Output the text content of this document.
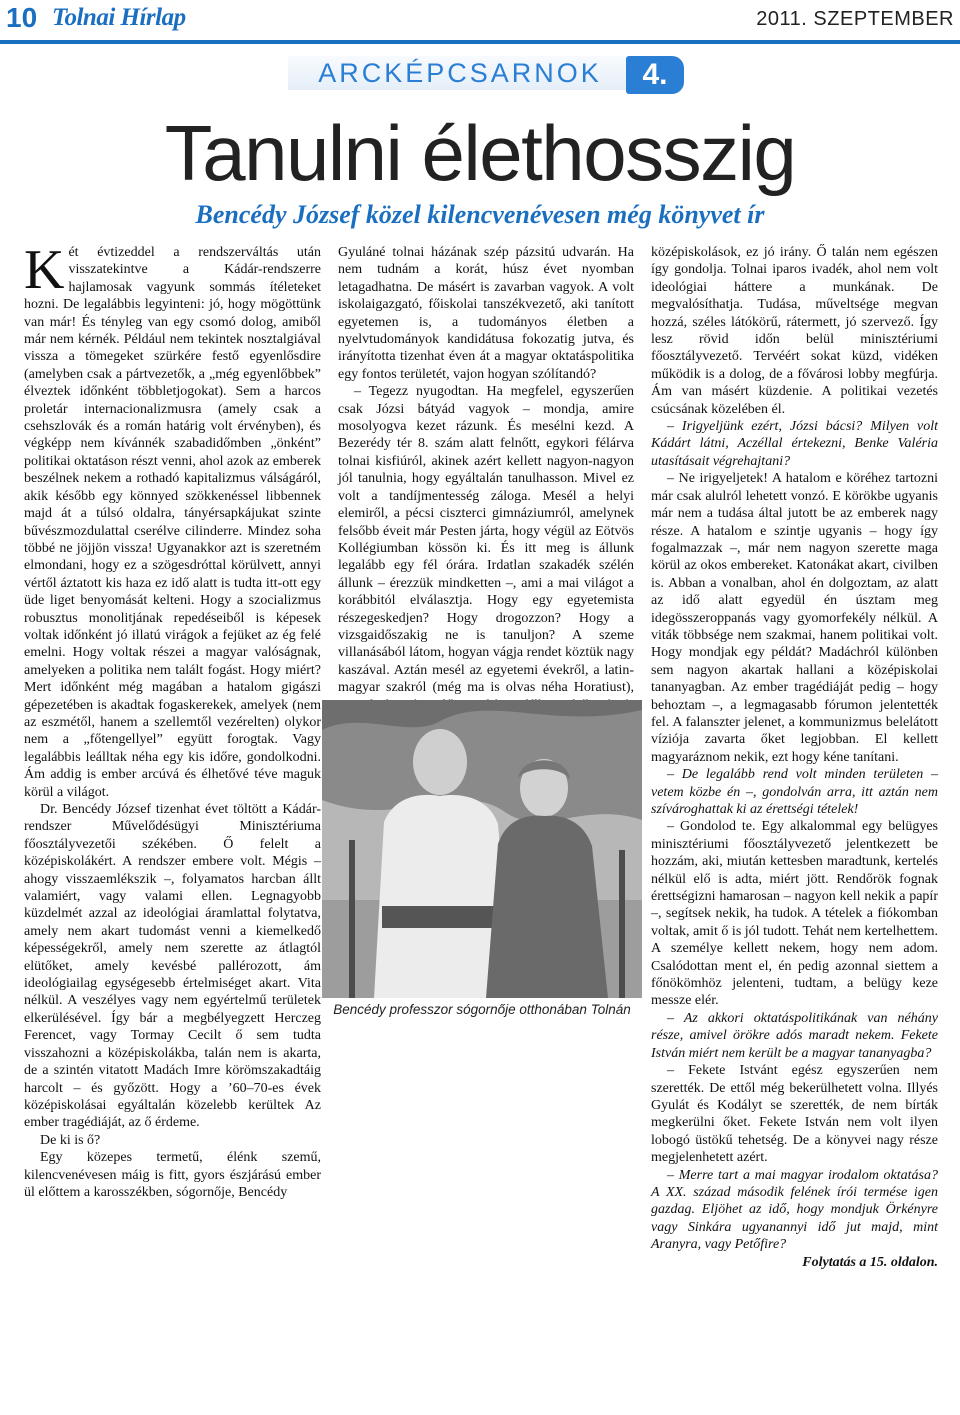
10 Tolnai Hírlap	2011. SZEPTEMBER
ARCKÉPCSARNOK	4.
Tanulni élethosszig
Bencédy József közel kilencvenévesen még könyvet ír
K ét évtizeddel a rendszerváltás után visszatekintve a Kádár-rendszerre hajlamosak vagyunk sommás ítéleteket hozni. De legalábbis legyinteni: jó, hogy mögöttünk van már! És tényleg van egy csomó dolog, amiből már nem kérnék. Például nem tekintek nosztalgiával vissza a tömegeket szürkére festő egyenlősdire (amelyben csak a pártvezetők, a „még egyenlőbbek” élveztek időnként többletjogokat). Sem a harcos proletár internacionalizmusra (amely csak a csehszlovák és a román határig volt érvényben), és végképp nem kívánnék szabadidőmben „önként” politikai oktatáson részt venni, ahol azok az emberek beszélnek nekem a rothadó kapitalizmus válságáról, akik később egy könnyed szökkenéssel libbennek majd át a túlsó oldalra, tányérsapkájukat szinte bűvészmozdulattal cserélve cilinderre. Mindez soha többé ne jöjjön vissza! Ugyanakkor azt is szeretném elmondani, hogy ez a szögesdróttal körülvett, annyi vértől áztatott kis haza ez idő alatt is tudta itt-ott egy üde liget benyomását kelteni. Hogy a szocializmus robusztus monolitjának repedéseiből is képesek voltak időnként jó illatú virágok a fejüket az ég felé emelni. Hogy voltak részei a magyar valóságnak, amelyeken a politika nem talált fogást. Hogy miért? Mert időnként még magában a hatalom gigászi gépezetében is akadtak fogaskerekek, amelyek (nem az eszmétől, hanem a szellemtől vezérelten) olykor nem a „főtengellyel” együtt forogtak. Vagy legalábbis leálltak néha egy kis időre, gondolkodni. Ám addig is ember arcúvá és élhetővé téve maguk körül a világot.

Dr. Bencédy József tizenhat évet töltött a Kádár-rendszer Művelődésügyi Minisztériuma főosztályvezetői székében. Ő felelt a középiskolákért. A rendszer embere volt. Mégis – ahogy visszaemlékszik –, folyamatos harcban állt valamiért, vagy valami ellen. Legnagyobb küzdelmét azzal az ideológiai áramlattal folytatva, amely nem akart tudomást venni a kiemelkedő képességekről, amely nem szerette az átlagtól elütőket, amely kevésbé pallérozott, ám ideológiailag egységesebb értelmiséget akart. Vita nélkül. A veszélyes vagy nem egyértelmű területek elkerülésével. Így bár a megbélyegzett Herczeg Ferencet, vagy Tormay Cecilt ő sem tudta visszahozni a középiskolákba, talán nem is akarta, de a szintén vitatott Madách Imre körömszakadtáig harcolt – és győzött. Hogy a ’60–70-es évek középiskolásai egyáltalán közelebb kerültek Az ember tragédiáját, az ő érdeme.

De ki is ő?

Egy közepes termetű, élénk szemű, kilencvenévesen máig is fitt, gyors észjárású ember ül előttem a karosszékben, sógornője, Bencédy

Gyuláné tolnai házának szép pázsitú udvarán. Ha nem tudnám a korát, húsz évet nyomban letagadhatna. De másért is zavarban vagyok. A volt iskolaigazgató, főiskolai tanszékvezető, aki tanított egyetemen is, a tudományos életben a nyelvtudományok kandidátusa fokozatig jutva, és irányította tizenhat éven át a magyar oktatáspolitika egy fontos területét, vajon hogyan szólítandó?

– Tegezz nyugodtan. Ha megfelel, egyszerűen csak Józsi bátyád vagyok – mondja, amire mosolyogva kezet rázunk. És mesélni kezd. A Bezerédy tér 8. szám alatt felnőtt, egykori félárva tolnai kisfiúról, akinek azért kellett nagyon-nagyon jól tanulnia, hogy egyáltalán tanulhasson. Mivel ez volt a tandíjmentesség záloga. Mesél a helyi elemiről, a pécsi ciszterci gimnáziumról, amelynek felsőbb éveit már Pesten járta, hogy végül az Eötvös Kollégiumban kössön ki. És itt meg is állunk legalább egy fél órára. Irdatlan szakadék szélén állunk – érezzük mindketten –, ami a mai világot a korábbitól elválasztja. Hogy egy egyetemista részegeskedjen? Hogy drogozzon? Hogy a vizsgaidőszakig ne is tanuljon? A szeme villanásából látom, hogyan vágja rendet köztük nagy kaszával. Aztán mesél az egyetemi évekről, a latin-magyar szakról (még ma is olvas néha Horatiust),

Bencédy professzor sógornője otthonában Tolnán

középiskolások, ez jó irány. Ő talán nem egészen így gondolja. Tolnai iparos ivadék, ahol nem volt ideológiai háttere a munkának. De megvalósíthatja. Tudása, műveltsége megvan hozzá, széles látókörű, rátermett, jó szervező. Így lesz rövid időn belül minisztériumi főosztályvezető. Tervéért sokat küzd, vidéken működik is a dolog, de a fővárosi lobby megfúrja. Ám van másért küzdenie. A politikai vezetés csúcsának közelében él.

– Irigyeljünk ezért, Józsi bácsi? Milyen volt Kádárt látni, Aczéllal értekezni, Benke Valéria utasításait végrehajtani?

– Ne irigyeljetek! A hatalom e köréhez tartozni már csak alulról lehetett vonzó. E körökbe ugyanis már nem a tudása által jutott be az emberek nagy része. A hatalom e szintje ugyanis – hogy így fogalmazzak –, már nem nagyon szerette maga körül az okos embereket. Katonákat akart, civilben is. Abban a vonalban, ahol én dolgoztam, az alatt az idő alatt egyedül én úsztam meg idegösszeroppanás vagy gyomorfekély nélkül. A viták többsége nem szakmai, hanem politikai volt. Hogy mondjak egy példát? Madáchról különben sem nagyon akartak hallani a középiskolai tananyagban. Az ember tragédiáját pedig – hogy behoztam –, a legmagasabb fórumon jelentették fel. A falanszter jelenet, a kommunizmus belelátott víziója zavarta őket legjobban. El kellett magyaráznom nekik, ezt hogy kéne tanítani.

– De legalább rend volt minden területen – vetem közbe én –, gondolván arra, itt aztán nem szívároghattak ki az érettségi tételek!

– Gondolod te. Egy alkalommal egy belügyes minisztériumi főosztályvezető jelentkezett be hozzám, aki, miután kettesben maradtunk, kertelés nélkül elő is adta, miért jött. Rendőrök fognak érettségizni hamarosan – nagyon kell nekik a papír –, segítsek nekik, ha tudok. A tételek a fiókomban voltak, amit ő is jól tudott. Tehát nem kertelhettem. A személye kellett nekem, hogy nem adom. Csalódottan ment el, én pedig azonnal siettem a főnökömhöz jelenteni, tudtam, a belügy keze messze elér.

– Az akkori oktatáspolitikának van néhány része, amivel örökre adós maradt nekem. Fekete István miért nem került be a magyar tananyagba?

– Fekete Istvánt egész egyszerűen nem szerették. De ettől még bekerülhetett volna. Illyés Gyulát és Kodályt se szerették, de nem bírták megkerülni őket. Fekete István nem volt ilyen lobogó üstökű tehetség. De a könyvei nagy része megjelenhetett azért.

– Merre tart a mai magyar irodalom oktatása? A XX. század második felének írói termése igen gazdag. Eljöhet az idő, hogy mondjuk Örkényre vagy Sinkára ugyanannyi idő jut majd, mint Aranyra, vagy Petőfire?

Folytatás a 15. oldalon.
